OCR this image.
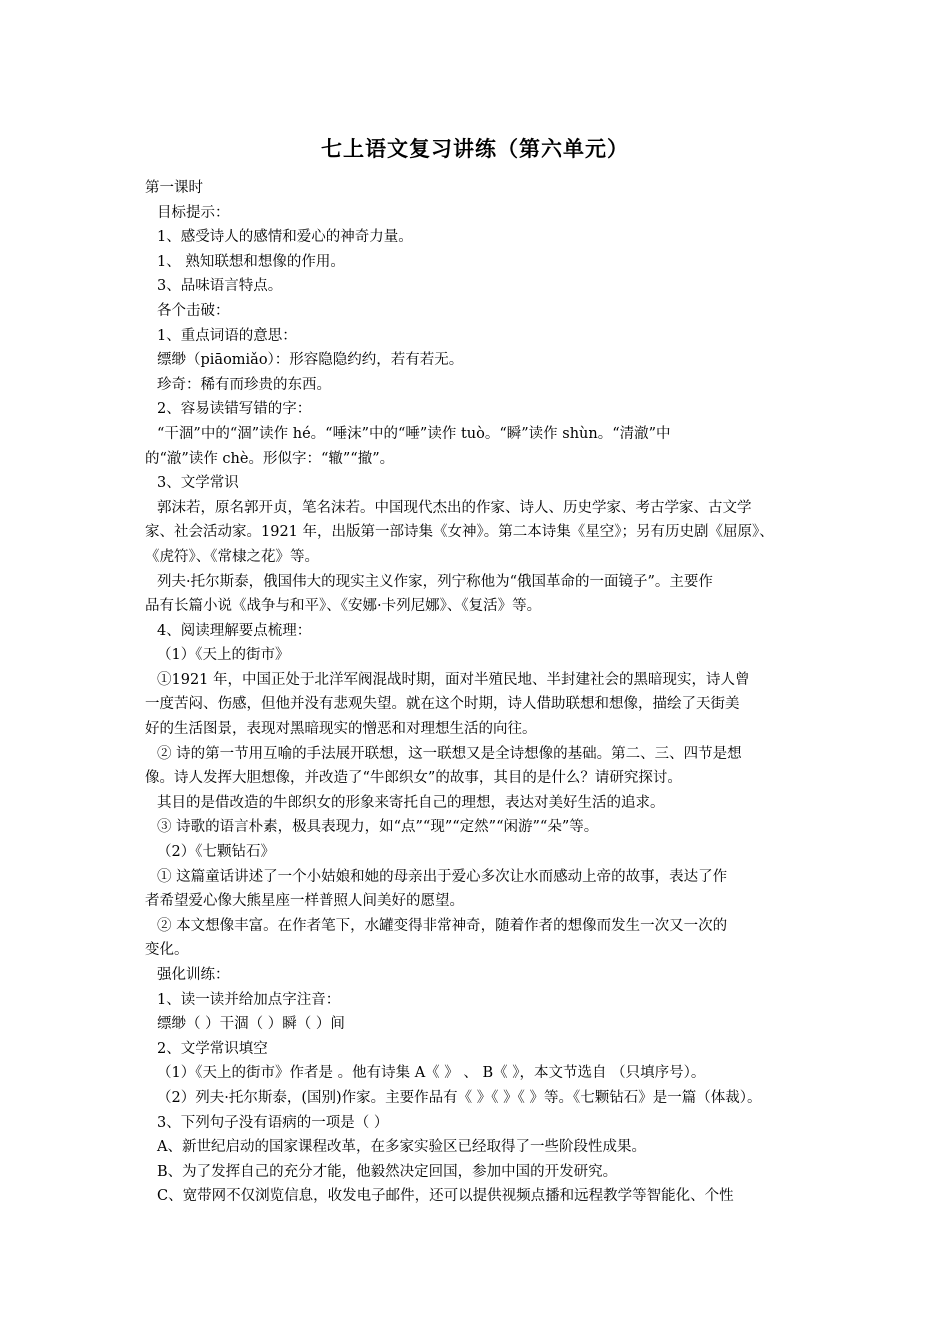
七上语文复习讲练（第六单元）
第一课时
目标提示：
1、感受诗人的感情和爱心的神奇力量。
1、 熟知联想和想像的作用。
3、品味语言特点。
各个击破：
1、重点词语的意思：
缥缈（piāomiǎo）：形容隐隐约约，若有若无。
珍奇：稀有而珍贵的东西。
2、容易读错写错的字：
“干涸”中的“涸”读作 hé。“唾沫”中的“唾”读作 tuò。“瞬”读作 shùn。“清澈”中
的“澈”读作 chè。形似字：“辙”“撤”。
3、文学常识
郭沫若，原名郭开贞，笔名沫若。中国现代杰出的作家、诗人、历史学家、考古学家、古文学
家、社会活动家。1921 年，出版第一部诗集《女神》。第二本诗集《星空》；另有历史剧《屈原》、
《虎符》、《常棣之花》等。
列夫·托尔斯泰，俄国伟大的现实主义作家，列宁称他为“俄国革命的一面镜子”。主要作
品有长篇小说《战争与和平》、《安娜·卡列尼娜》、《复活》等。
4、阅读理解要点梳理：
（1）《天上的街市》
①1921 年，中国正处于北洋军阀混战时期，面对半殖民地、半封建社会的黑暗现实，诗人曾
一度苦闷、伤感，但他并没有悲观失望。就在这个时期，诗人借助联想和想像，描绘了天街美
好的生活图景，表现对黑暗现实的憎恶和对理想生活的向往。
② 诗的第一节用互喻的手法展开联想，这一联想又是全诗想像的基础。第二、三、四节是想
像。诗人发挥大胆想像，并改造了“牛郎织女”的故事，其目的是什么？请研究探讨。
其目的是借改造的牛郎织女的形象来寄托自己的理想，表达对美好生活的追求。
③ 诗歌的语言朴素，极具表现力，如“点”“现”“定然”“闲游”“朵”等。
（2）《七颗钻石》
① 这篇童话讲述了一个小姑娘和她的母亲出于爱心多次让水而感动上帝的故事，表达了作
者希望爱心像大熊星座一样普照人间美好的愿望。
② 本文想像丰富。在作者笔下，水罐变得非常神奇，随着作者的想像而发生一次又一次的
变化。
强化训练：
1、读一读并给加点字注音：
缥缈（ ）干涸（ ）瞬（ ）间
2、文学常识填空
（1）《天上的街市》作者是 。他有诗集 A《 》 、 B《 》，本文节选自 （只填序号）。
（2）列夫·托尔斯泰，(国别)作家。主要作品有《 》《 》《 》等。《七颗钻石》是一篇（体裁）。
3、下列句子没有语病的一项是（ ）
A、新世纪启动的国家课程改革，在多家实验区已经取得了一些阶段性成果。
B、为了发挥自己的充分才能，他毅然决定回国，参加中国的开发研究。
C、宽带网不仅浏览信息，收发电子邮件，还可以提供视频点播和远程教学等智能化、个性
